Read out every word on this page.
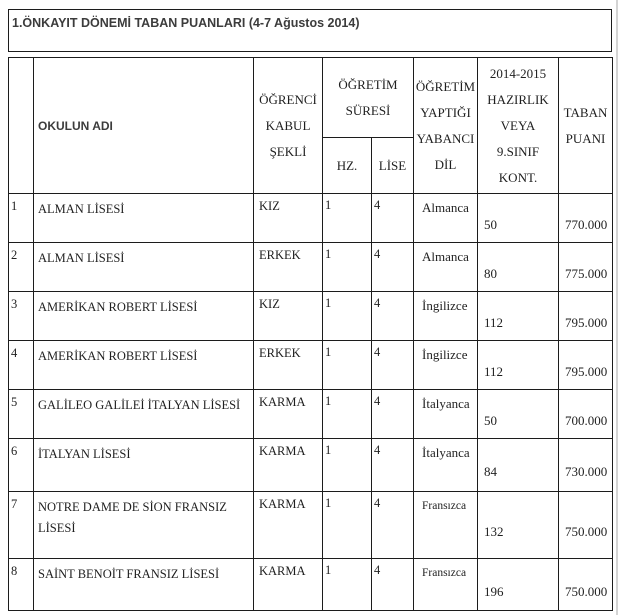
1.ÖNKAYIT DÖNEMİ TABAN PUANLARI (4-7 Ağustos 2014)
	OKULUN ADI	
ÖĞRENCİ
KABUL
ŞEKLİ

ÖĞRETİM
SÜRESİ

ÖĞRETİM
YAPTIĞI
YABANCI
DİL

2014-2015
HAZIRLIK
VEYA
9.SINIF
KONT.

TABAN
PUANI

			HZ.	LİSE			
1	ALMAN LİSESİ	KIZ	1	4	Almanca	50	770.000
2	ALMAN LİSESİ	ERKEK	1	4	Almanca	80	775.000
3	AMERİKAN ROBERT LİSESİ	KIZ	1	4	İngilizce	112	795.000
4	AMERİKAN ROBERT LİSESİ	ERKEK	1	4	İngilizce	112	795.000
5	GALİLEO GALİLEİ İTALYAN LİSESİ	KARMA	1	4	İtalyanca	50	700.000
6	İTALYAN LİSESİ	KARMA	1	4	İtalyanca	84	730.000
7	NOTRE DAME DE SİON FRANSIZ LİSESİ	KARMA	1	4	Fransızca	132	750.000
8	SAİNT BENOİT FRANSIZ LİSESİ	KARMA	1	4	Fransızca	196	750.000
